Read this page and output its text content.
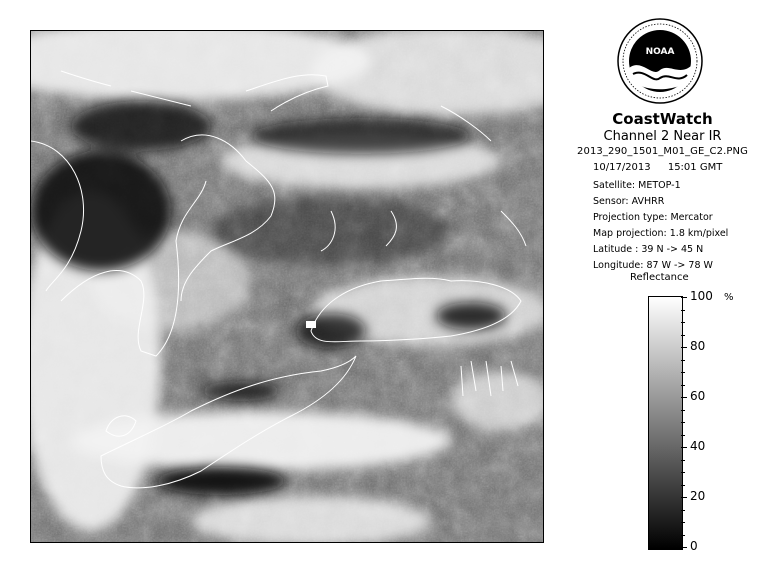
NOAA
CoastWatch
Channel 2 Near IR
2013_290_1501_M01_GE_C2.PNG
10/17/2013 15:01 GMT
Satellite: METOP-1
Sensor: AVHRR
Projection type: Mercator
Map projection: 1.8 km/pixel
Latitude : 39 N -> 45 N
Longitude: 87 W -> 78 W
Reflectance
%
100
80
60
40
20
0
